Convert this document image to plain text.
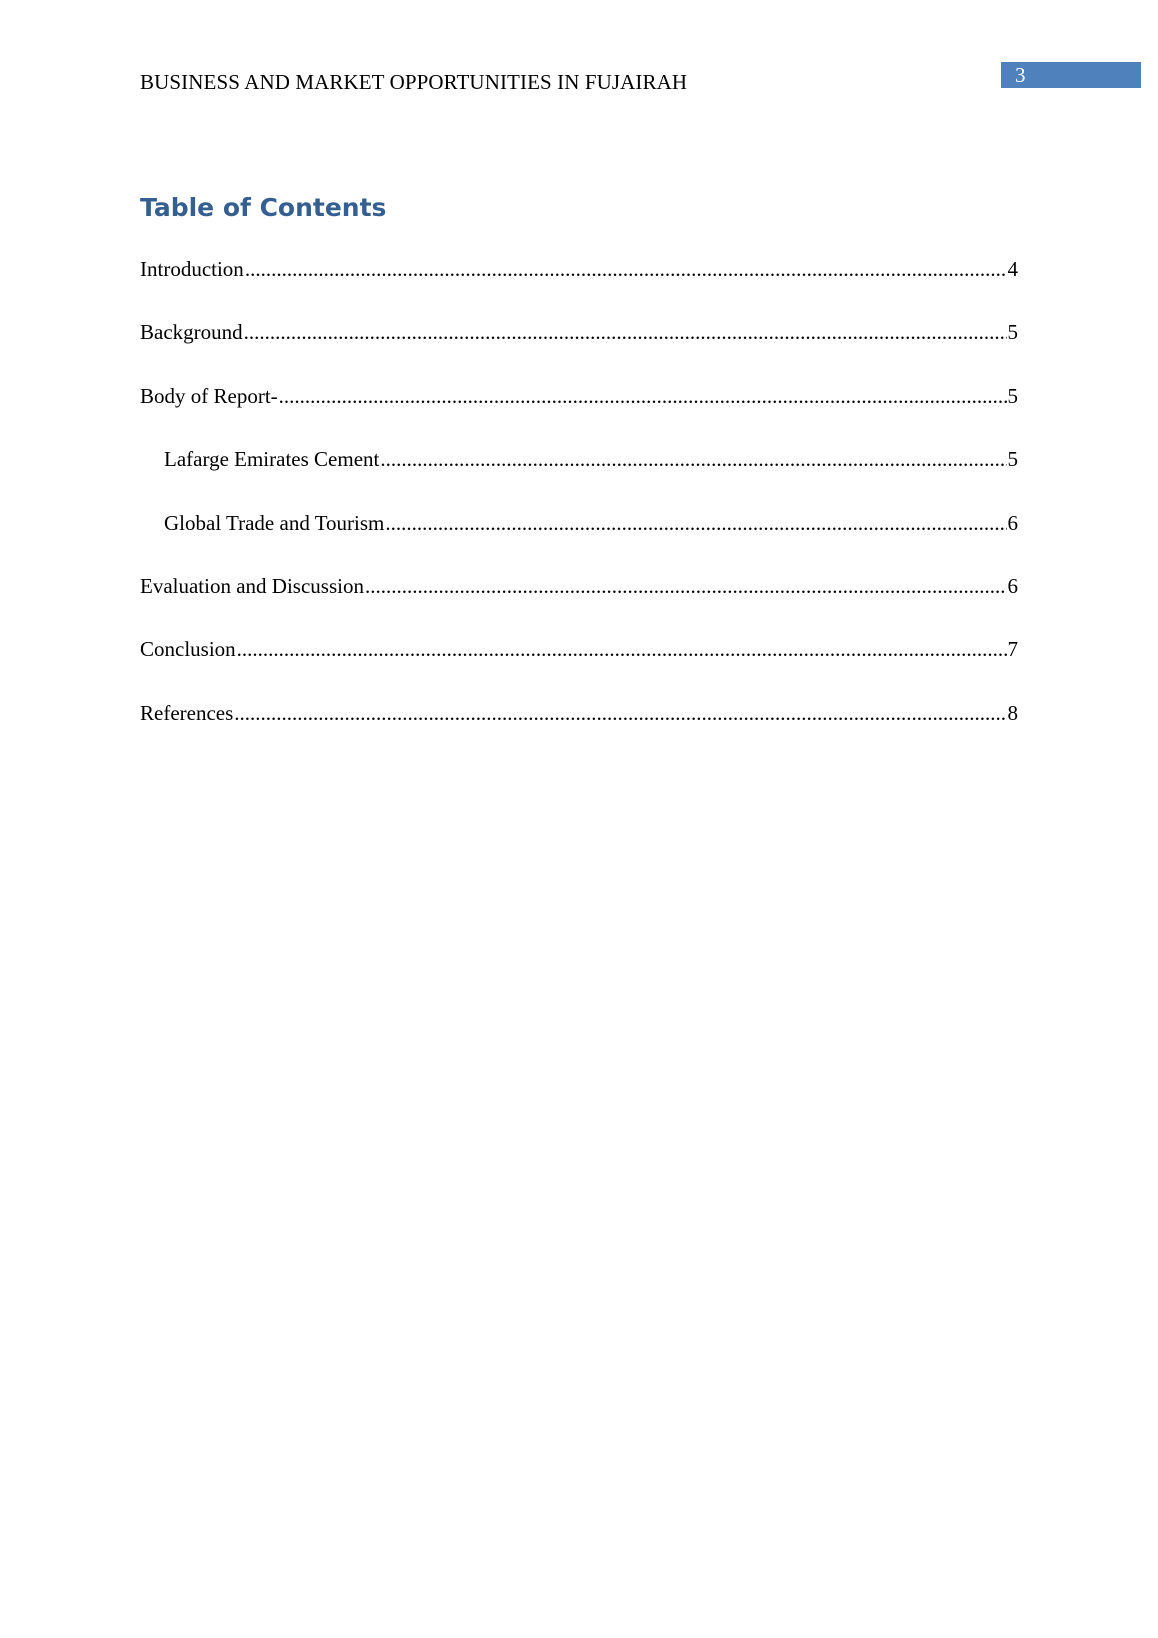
BUSINESS AND MARKET OPPORTUNITIES IN FUJAIRAH	3
Table of Contents
Introduction .....	4
Background .....	5
Body of Report- .....	5
Lafarge Emirates Cement .....	5
Global Trade and Tourism .....	6
Evaluation and Discussion .....	6
Conclusion .....	7
References .....	8
